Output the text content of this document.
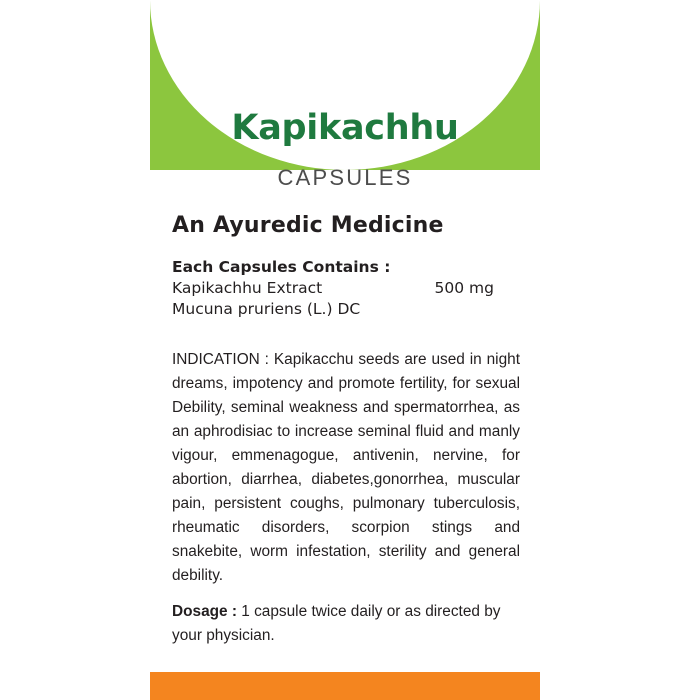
Kapikachhu
CAPSULES
An Ayuredic Medicine
Each Capsules Contains :
Kapikachhu Extract	500 mg
Mucuna pruriens (L.) DC
INDICATION : Kapikacchu seeds are used in night dreams, impotency and promote fertility, for sexual Debility, seminal weakness and spermatorrhea, as an aphrodisiac to increase seminal fluid and manly vigour, emmenagogue, antivenin, nervine, for abortion, diarrhea, diabetes,gonorrhea, muscular pain, persistent coughs, pulmonary tuberculosis, rheumatic disorders, scorpion stings and snakebite, worm infestation, sterility and general debility.
Dosage : 1 capsule twice daily or as directed by your physician.
